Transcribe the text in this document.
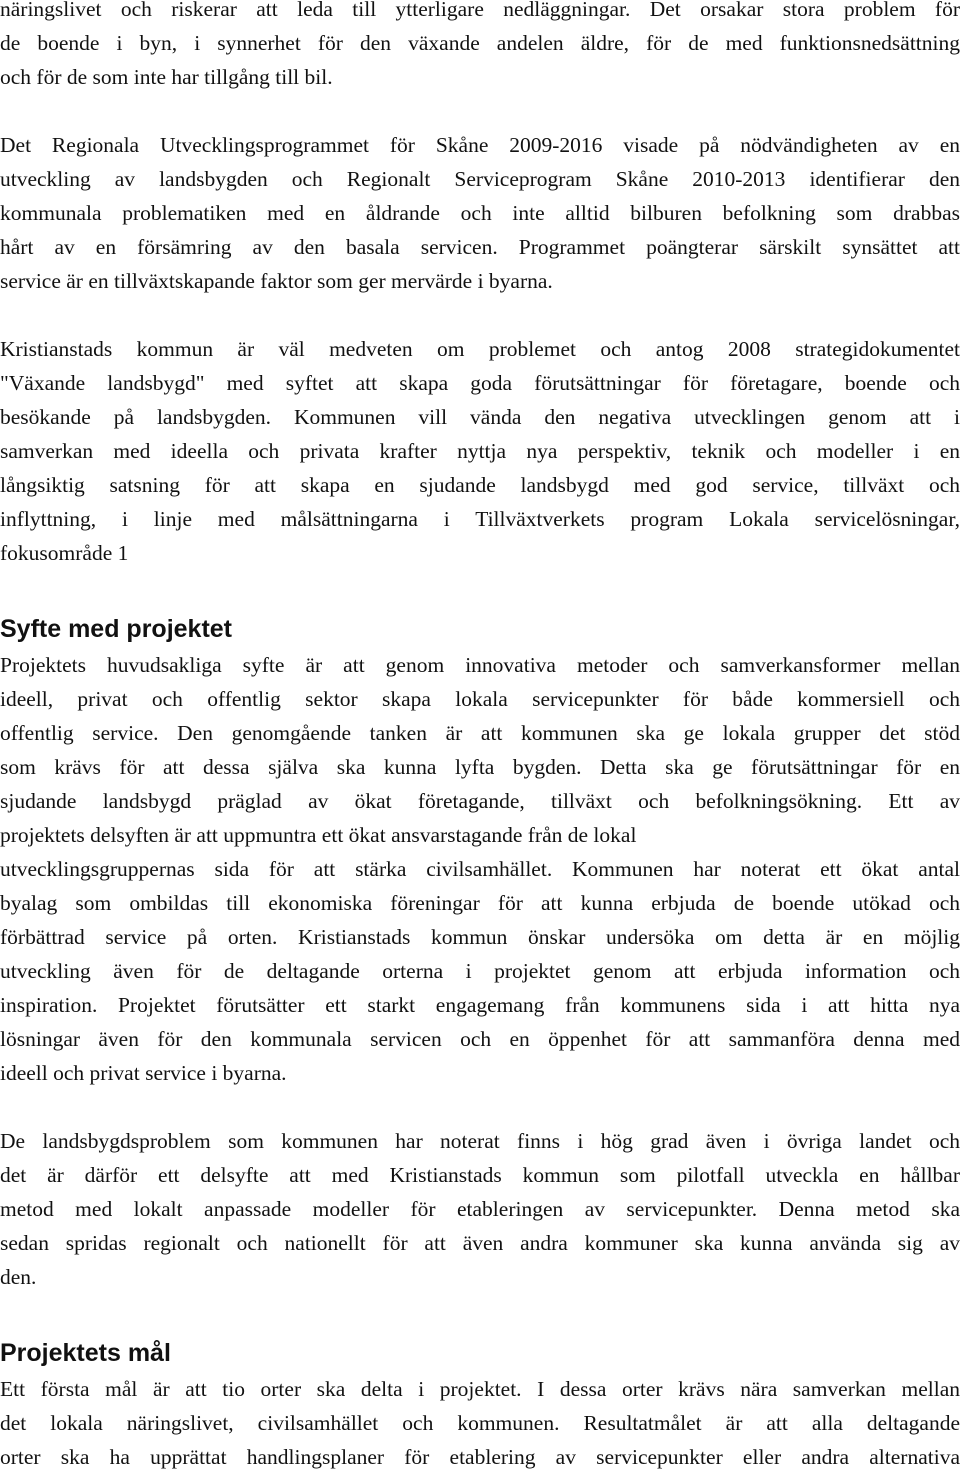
näringslivet och riskerar att leda till ytterligare nedläggningar. Det orsakar stora problem för
de boende i byn, i synnerhet för den växande andelen äldre, för de med funktionsnedsättning
och för de som inte har tillgång till bil.
Det Regionala Utvecklingsprogrammet för Skåne 2009-2016 visade på nödvändigheten av en
utveckling av landsbygden och Regionalt Serviceprogram Skåne 2010-2013 identifierar den
kommunala problematiken med en åldrande och inte alltid bilburen befolkning som drabbas
hårt av en försämring av den basala servicen. Programmet poängterar särskilt synsättet att
service är en tillväxtskapande faktor som ger mervärde i byarna.
Kristianstads kommun är väl medveten om problemet och antog 2008 strategidokumentet
"Växande landsbygd" med syftet att skapa goda förutsättningar för företagare, boende och
besökande på landsbygden. Kommunen vill vända den negativa utvecklingen genom att i
samverkan med ideella och privata krafter nyttja nya perspektiv, teknik och modeller i en
långsiktig satsning för att skapa en sjudande landsbygd med god service, tillväxt och
inflyttning, i linje med målsättningarna i Tillväxtverkets program Lokala servicelösningar,
fokusområde 1
Syfte med projektet
Projektets huvudsakliga syfte är att genom innovativa metoder och samverkansformer mellan
ideell, privat och offentlig sektor skapa lokala servicepunkter för både kommersiell och
offentlig service. Den genomgående tanken är att kommunen ska ge lokala grupper det stöd
som krävs för att dessa själva ska kunna lyfta bygden. Detta ska ge förutsättningar för en
sjudande landsbygd präglad av ökat företagande, tillväxt och befolkningsökning. Ett av
projektets delsyften är att uppmuntra ett ökat ansvarstagande från de lokal
utvecklingsgruppernas sida för att stärka civilsamhället. Kommunen har noterat ett ökat antal
byalag som ombildas till ekonomiska föreningar för att kunna erbjuda de boende utökad och
förbättrad service på orten. Kristianstads kommun önskar undersöka om detta är en möjlig
utveckling även för de deltagande orterna i projektet genom att erbjuda information och
inspiration. Projektet förutsätter ett starkt engagemang från kommunens sida i att hitta nya
lösningar även för den kommunala servicen och en öppenhet för att sammanföra denna med
ideell och privat service i byarna.
De landsbygdsproblem som kommunen har noterat finns i hög grad även i övriga landet och
det är därför ett delsyfte att med Kristianstads kommun som pilotfall utveckla en hållbar
metod med lokalt anpassade modeller för etableringen av servicepunkter. Denna metod ska
sedan spridas regionalt och nationellt för att även andra kommuner ska kunna använda sig av
den.
Projektets mål
Ett första mål är att tio orter ska delta i projektet. I dessa orter krävs nära samverkan mellan
det lokala näringslivet, civilsamhället och kommunen. Resultatmålet är att alla deltagande
orter ska ha upprättat handlingsplaner för etablering av servicepunkter eller andra alternativa
